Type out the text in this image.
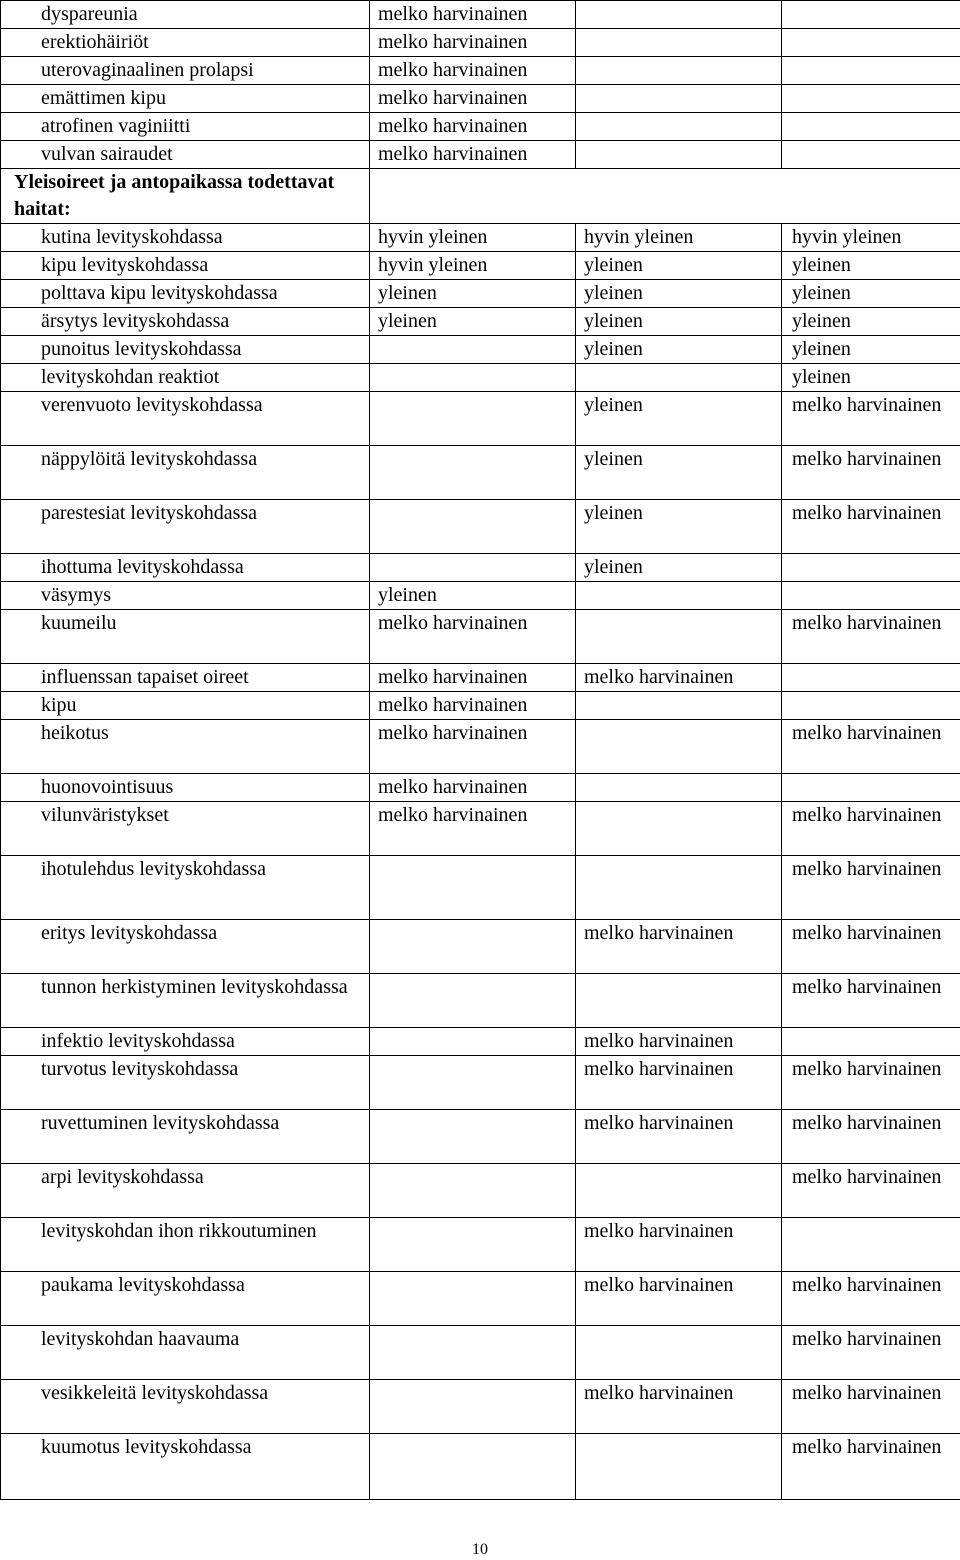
dyspareunia	melko harvinainen		
erektiohäiriöt	melko harvinainen		
uterovaginaalinen prolapsi	melko harvinainen		
emättimen kipu	melko harvinainen		
atrofinen vaginiitti	melko harvinainen		
vulvan sairaudet	melko harvinainen		
Yleisoireet ja antopaikassa todettavat haitat:			
kutina levityskohdassa	hyvin yleinen	hyvin yleinen	hyvin yleinen
kipu levityskohdassa	hyvin yleinen	yleinen	yleinen
polttava kipu levityskohdassa	yleinen	yleinen	yleinen
ärsytys levityskohdassa	yleinen	yleinen	yleinen
punoitus levityskohdassa		yleinen	yleinen
levityskohdan reaktiot			yleinen
verenvuoto levityskohdassa		yleinen	melko harvinainen
näppylöitä levityskohdassa		yleinen	melko harvinainen
parestesiat levityskohdassa		yleinen	melko harvinainen
ihottuma levityskohdassa		yleinen	
väsymys	yleinen		
kuumeilu	melko harvinainen		melko harvinainen
influenssan tapaiset oireet	melko harvinainen	melko harvinainen	
kipu	melko harvinainen		
heikotus	melko harvinainen		melko harvinainen
huonovointisuus	melko harvinainen		
vilunväristykset	melko harvinainen		melko harvinainen
ihotulehdus levityskohdassa			melko harvinainen
eritys levityskohdassa		melko harvinainen	melko harvinainen
tunnon herkistyminen levityskohdassa			melko harvinainen
infektio levityskohdassa		melko harvinainen	
turvotus levityskohdassa		melko harvinainen	melko harvinainen
ruvettuminen levityskohdassa		melko harvinainen	melko harvinainen
arpi levityskohdassa			melko harvinainen
levityskohdan ihon rikkoutuminen		melko harvinainen	
paukama levityskohdassa		melko harvinainen	melko harvinainen
levityskohdan haavauma			melko harvinainen
vesikkeleitä levityskohdassa		melko harvinainen	melko harvinainen
kuumotus levityskohdassa			melko harvinainen
10
